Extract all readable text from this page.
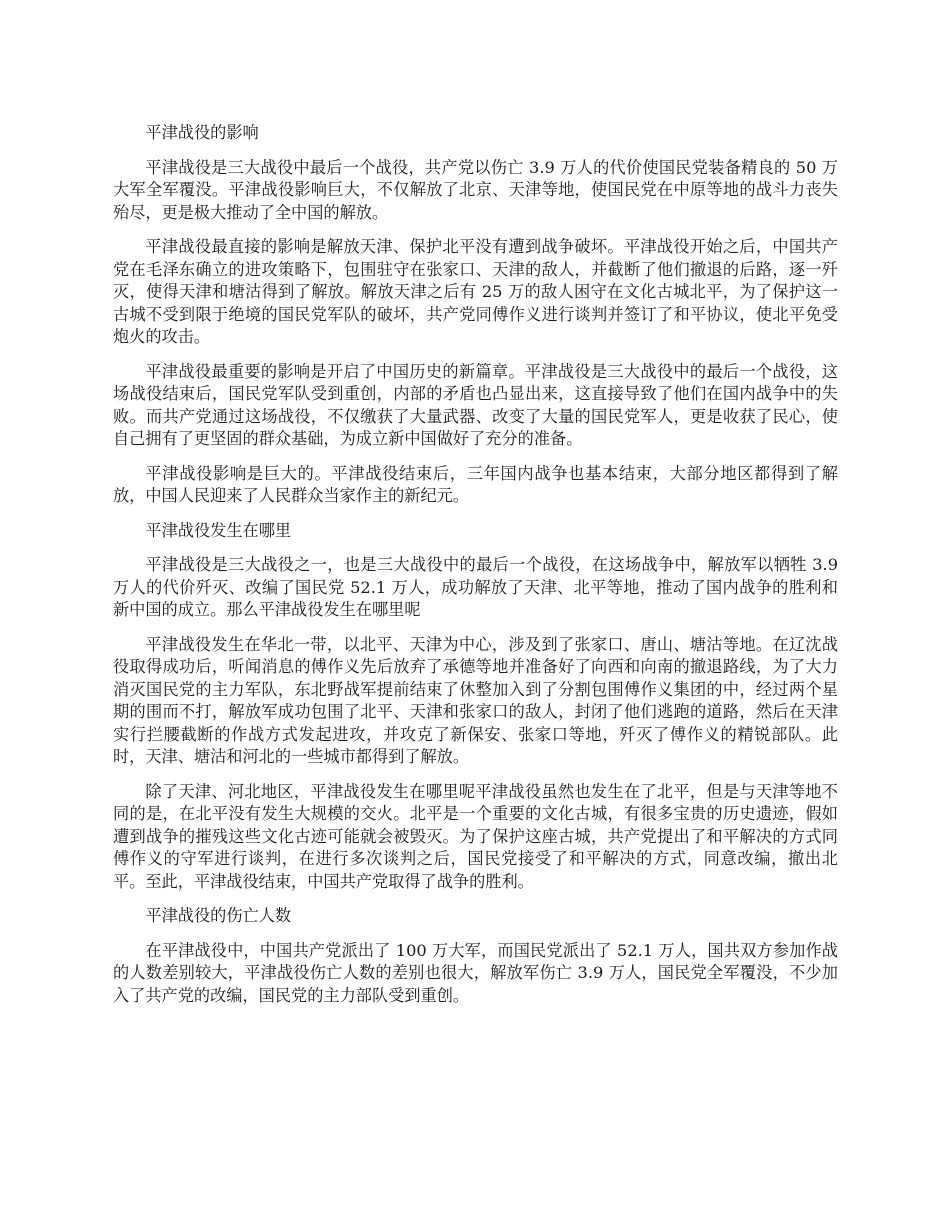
平津战役的影响

平津战役是三大战役中最后一个战役，共产党以伤亡 3.9 万人的代价使国民党装备精良的 50 万大军全军覆没。平津战役影响巨大，不仅解放了北京、天津等地，使国民党在中原等地的战斗力丧失殆尽，更是极大推动了全中国的解放。

平津战役最直接的影响是解放天津、保护北平没有遭到战争破坏。平津战役开始之后，中国共产党在毛泽东确立的进攻策略下，包围驻守在张家口、天津的敌人，并截断了他们撤退的后路，逐一歼灭，使得天津和塘沽得到了解放。解放天津之后有 25 万的敌人困守在文化古城北平，为了保护这一古城不受到限于绝境的国民党军队的破坏，共产党同傅作义进行谈判并签订了和平协议，使北平免受炮火的攻击。

平津战役最重要的影响是开启了中国历史的新篇章。平津战役是三大战役中的最后一个战役，这场战役结束后，国民党军队受到重创，内部的矛盾也凸显出来，这直接导致了他们在国内战争中的失败。而共产党通过这场战役，不仅缴获了大量武器、改变了大量的国民党军人，更是收获了民心，使自己拥有了更坚固的群众基础，为成立新中国做好了充分的准备。

平津战役影响是巨大的。平津战役结束后，三年国内战争也基本结束，大部分地区都得到了解放，中国人民迎来了人民群众当家作主的新纪元。

平津战役发生在哪里

平津战役是三大战役之一，也是三大战役中的最后一个战役，在这场战争中，解放军以牺牲 3.9 万人的代价歼灭、改编了国民党 52.1 万人，成功解放了天津、北平等地，推动了国内战争的胜利和新中国的成立。那么平津战役发生在哪里呢

平津战役发生在华北一带，以北平、天津为中心，涉及到了张家口、唐山、塘沽等地。在辽沈战役取得成功后，听闻消息的傅作义先后放弃了承德等地并准备好了向西和向南的撤退路线，为了大力消灭国民党的主力军队，东北野战军提前结束了休整加入到了分割包围傅作义集团的中，经过两个星期的围而不打，解放军成功包围了北平、天津和张家口的敌人，封闭了他们逃跑的道路，然后在天津实行拦腰截断的作战方式发起进攻，并攻克了新保安、张家口等地，歼灭了傅作义的精锐部队。此时，天津、塘沽和河北的一些城市都得到了解放。

除了天津、河北地区，平津战役发生在哪里呢平津战役虽然也发生在了北平，但是与天津等地不同的是，在北平没有发生大规模的交火。北平是一个重要的文化古城，有很多宝贵的历史遗迹，假如遭到战争的摧残这些文化古迹可能就会被毁灭。为了保护这座古城，共产党提出了和平解决的方式同傅作义的守军进行谈判，在进行多次谈判之后，国民党接受了和平解决的方式，同意改编，撤出北平。至此，平津战役结束，中国共产党取得了战争的胜利。

平津战役的伤亡人数

在平津战役中，中国共产党派出了 100 万大军，而国民党派出了 52.1 万人，国共双方参加作战的人数差别较大，平津战役伤亡人数的差别也很大，解放军伤亡 3.9 万人，国民党全军覆没，不少加入了共产党的改编，国民党的主力部队受到重创。
